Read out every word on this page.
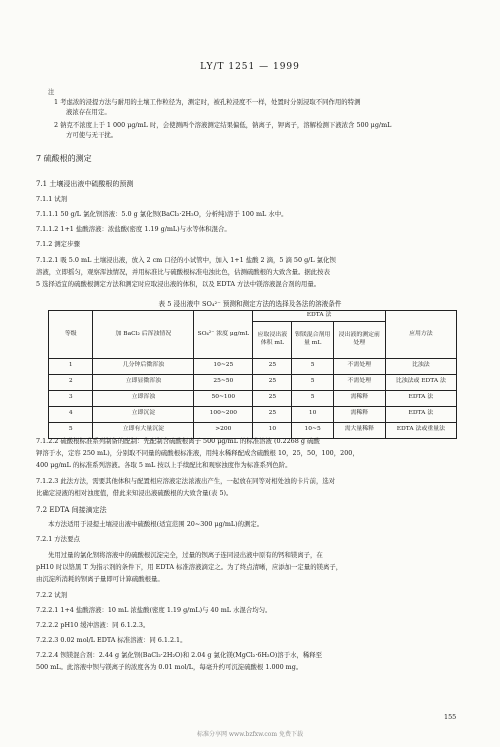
LY/T 1251 — 1999
注
1 考虑浓的浸提方法与耐用的土壤工作粒径为，测定时，被孔粒浸度不一样，处置时分别浸取不同作用的特测
液浓存在用定。
2 钠克不浓度上于 1 000 μg/mL 时，会使测两个溶液测定结果偏低，钠离子，钾离子，溶解检测下液浓含 500 μg/mL
方可使与无干扰。
7 硫酸根的测定
7.1 土壤浸出液中硫酸根的预测
7.1.1 试剂
7.1.1.1 50 g/L 氯化钡溶液：5.0 g 氯化钡(BaCl₂·2H₂O，分析纯)溶于 100 mL 水中。
7.1.1.2 1+1 盐酸溶液：浓盐酸(密度 1.19 g/mL)与水等体积混合。
7.1.2 测定步骤
7.1.2.1 吸 5.0 mL 土壤浸出液，放入 2 cm 口径的小试管中，加入 1+1 盐酸 2 滴，5 滴 50 g/L 氯化钡
溶液，立即摇匀，观察浑浊情况，并用标准比与硫酸根标准电浊比色，估测硫酸根的大致含量。据此按表
5 选择适宜的硫酸根测定方法和测定时应取浸出液的体积，以及 EDTA 方法中镁溶液混合剂的用量。
表 5 浸出液中 SO₄²⁻ 预测和测定方法的选择及各法的溶液条件
等级	加 BaCl₂ 后浑浊情况	SO₄²⁻ 浓度 μg/mL	EDTA 法			应用方法
			应取浸出液体积 mL	钡镁混合剂用量 mL	浸出液的测定前处理	
1	几分钟后微浑浊	10~25	25	5	不需处理	比浊法
2	立即显微浑浊	25~50	25	5	不需处理	比浊法或 EDTA 法
3	立即浑浊	50~100	25	5	需稀释	EDTA 法
4	立即沉淀	100~200	25	10	需稀释	EDTA 法
5	立即有大量沉淀	>200	10	10~5	需大量稀释	EDTA 法或重量法
7.1.2.2 硫酸根标准系列制备的配制：先配制含硫酸根离子 500 μg/mL 的标准溶液 (0.2268 g 硫酸
钾溶于水，定容 250 mL)，分别取不同量的硫酸根标准液，用纯水稀释配成含硫酸根 10，25，50，100，200，
400 μg/mL 的标准系列溶液。各取 5 mL 按以上手续配比和观察浊度作为标准系列色阶。
7.1.2.3 此法方法，需要其他体积与配置相应溶液定法浓液出产生，一起放在同等对相处浊的卡片前，选对
比确定浸液的相对浊度值，借此来知浸出液硫酸根的大致含量(表 5)。
7.2 EDTA 间接滴定法
本方法适用于浸提土壤浸出液中硫酸根(适宜范围 20~300 μg/mL)的测定。
7.2.1 方法要点
先用过量的氯化钡将溶液中的硫酸根沉淀完全，过量的钡离子连同浸出液中原有的钙和镁离子，在
pH10 时以铬黑 T 为指示剂的条件下，用 EDTA 标准溶液滴定之。为了终点清晰，应添加一定量的镁离子，
由沉淀所消耗的钡离子量即可计算硫酸根量。
7.2.2 试剂
7.2.2.1 1+4 盐酸溶液：10 mL 浓盐酸(密度 1.19 g/mL)与 40 mL 水混合均匀。
7.2.2.2 pH10 缓冲溶液：同 6.1.2.3。
7.2.2.3 0.02 mol/L EDTA 标准溶液：同 6.1.2.1。
7.2.2.4 钡镁混合剂：2.44 g 氯化钡(BaCl₂·2H₂O)和 2.04 g 氯化镁(MgCl₂·6H₂O)溶于水，稀释至
500 mL。此溶液中钡与镁离子的浓度各为 0.01 mol/L，每毫升约可沉淀硫酸根 1.000 mg。
155
标准分享网 www.bzfxw.com 免费下载
